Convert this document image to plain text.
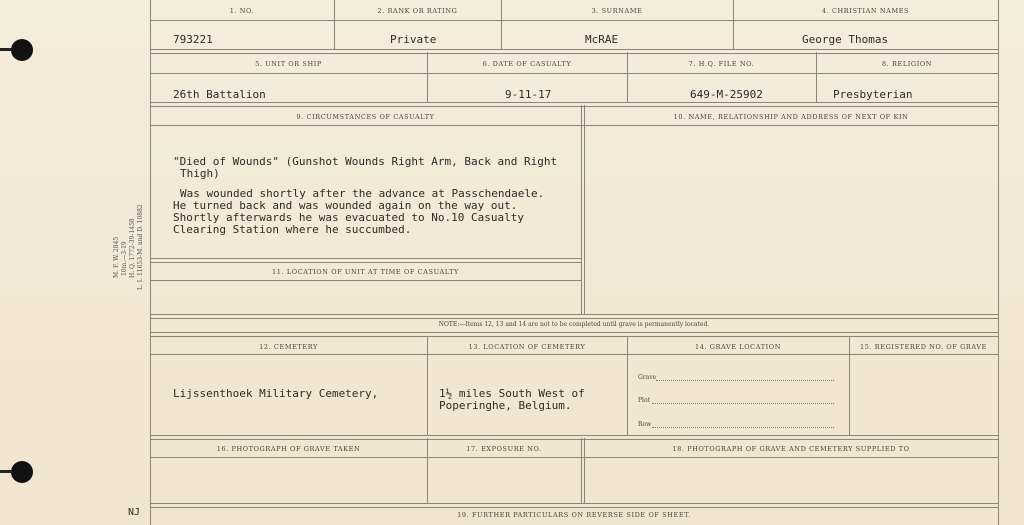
M. F. W. 2845 10m.—3-19 H. Q. 1772-39-1458 L. I. 11653-M. and D. 10882
NJ
1. NO.	2. RANK OR RATING	3. SURNAME	4. CHRISTIAN NAMES
793221	Private	McRAE	George Thomas
5. UNIT OR SHIP	6. DATE OF CASUALTY	7. H.Q. FILE NO.	8. RELIGION
26th Battalion	9-11-17	649-M-25902	Presbyterian
9. CIRCUMSTANCES OF CASUALTY	10. NAME, RELATIONSHIP AND ADDRESS OF NEXT OF KIN
"Died of Wounds" (Gunshot Wounds Right Arm, Back and Right
Thigh)
Was wounded shortly after the advance at Passchendaele.
He turned back and was wounded again on the way out.
Shortly afterwards he was evacuated to No.10 Casualty
Clearing Station where he succumbed.
11. LOCATION OF UNIT AT TIME OF CASUALTY
NOTE:—Items 12, 13 and 14 are not to be completed until grave is permanently located.
12. CEMETERY	13. LOCATION OF CEMETERY	14. GRAVE LOCATION	15. REGISTERED NO. OF GRAVE
Lijssenthoek Military Cemetery,	1½ miles South West of
Poperinghe, Belgium.
Grave
Plot
Row
16. PHOTOGRAPH OF GRAVE TAKEN	17. EXPOSURE NO.	18. PHOTOGRAPH OF GRAVE AND CEMETERY SUPPLIED TO
19. FURTHER PARTICULARS ON REVERSE SIDE OF SHEET.
